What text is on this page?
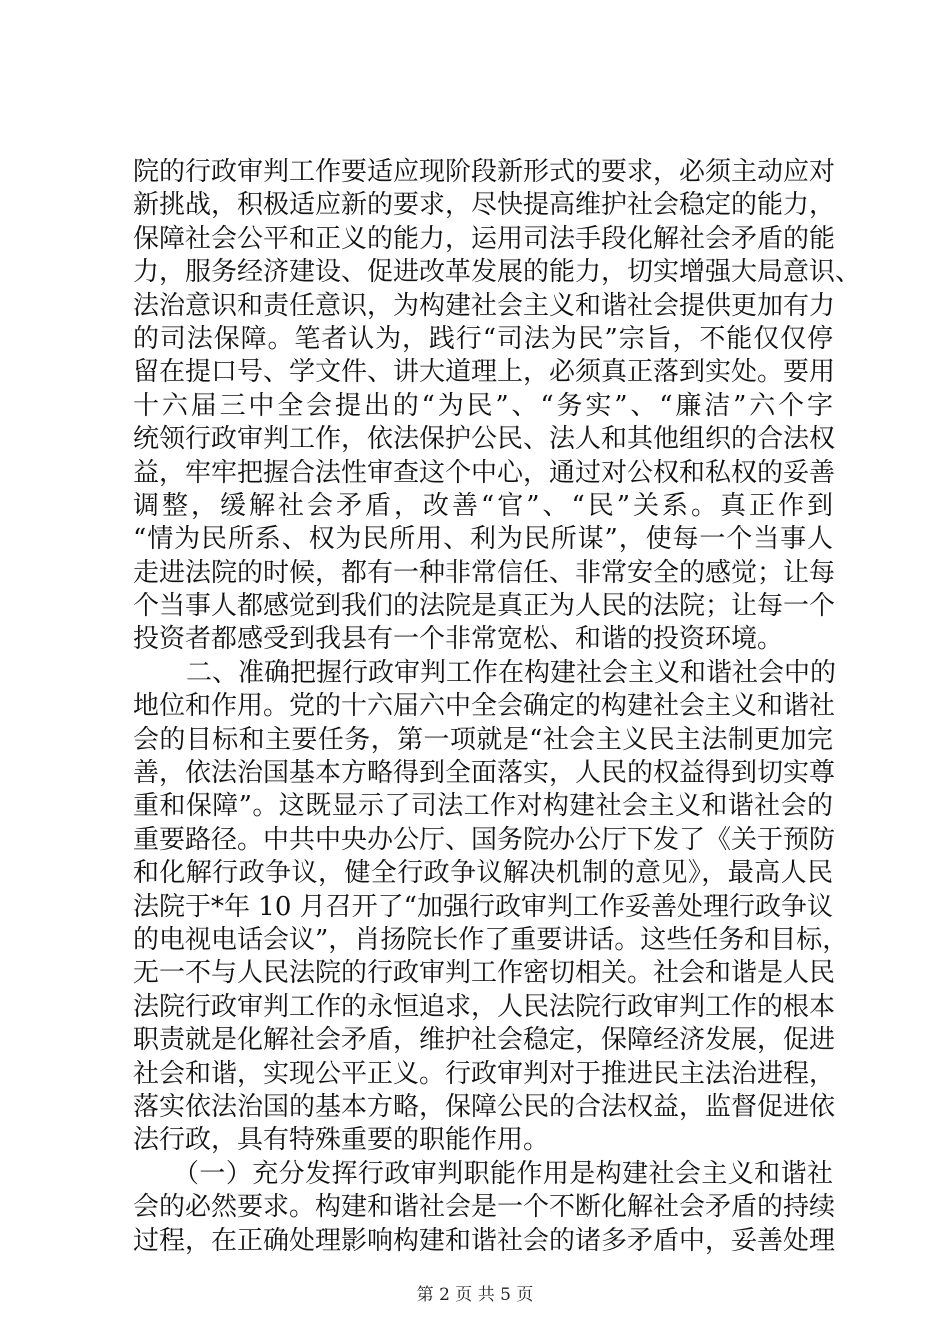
院的行政审判工作要适应现阶段新形式的要求，必须主动应对
新挑战，积极适应新的要求，尽快提高维护社会稳定的能力，
保障社会公平和正义的能力，运用司法手段化解社会矛盾的能
力，服务经济建设、促进改革发展的能力，切实增强大局意识、
法治意识和责任意识，为构建社会主义和谐社会提供更加有力
的司法保障。笔者认为，践行“司法为民”宗旨，不能仅仅停
留在提口号、学文件、讲大道理上，必须真正落到实处。要用
十六届三中全会提出的“为民”、“务实”、“廉洁”六个字
统领行政审判工作，依法保护公民、法人和其他组织的合法权
益，牢牢把握合法性审查这个中心，通过对公权和私权的妥善
调整，缓解社会矛盾，改善“官”、“民”关系。真正作到
“情为民所系、权为民所用、利为民所谋”，使每一个当事人
走进法院的时候，都有一种非常信任、非常安全的感觉；让每
个当事人都感觉到我们的法院是真正为人民的法院；让每一个
投资者都感受到我县有一个非常宽松、和谐的投资环境。
二、准确把握行政审判工作在构建社会主义和谐社会中的
地位和作用。党的十六届六中全会确定的构建社会主义和谐社
会的目标和主要任务，第一项就是“社会主义民主法制更加完
善，依法治国基本方略得到全面落实，人民的权益得到切实尊
重和保障”。这既显示了司法工作对构建社会主义和谐社会的
重要路径。中共中央办公厅、国务院办公厅下发了《关于预防
和化解行政争议，健全行政争议解决机制的意见》，最高人民
法院于*年 10 月召开了“加强行政审判工作妥善处理行政争议
的电视电话会议”，肖扬院长作了重要讲话。这些任务和目标，
无一不与人民法院的行政审判工作密切相关。社会和谐是人民
法院行政审判工作的永恒追求，人民法院行政审判工作的根本
职责就是化解社会矛盾，维护社会稳定，保障经济发展，促进
社会和谐，实现公平正义。行政审判对于推进民主法治进程，
落实依法治国的基本方略，保障公民的合法权益，监督促进依
法行政，具有特殊重要的职能作用。
（一）充分发挥行政审判职能作用是构建社会主义和谐社
会的必然要求。构建和谐社会是一个不断化解社会矛盾的持续
过程，在正确处理影响构建和谐社会的诸多矛盾中，妥善处理
第 2 页 共 5 页
